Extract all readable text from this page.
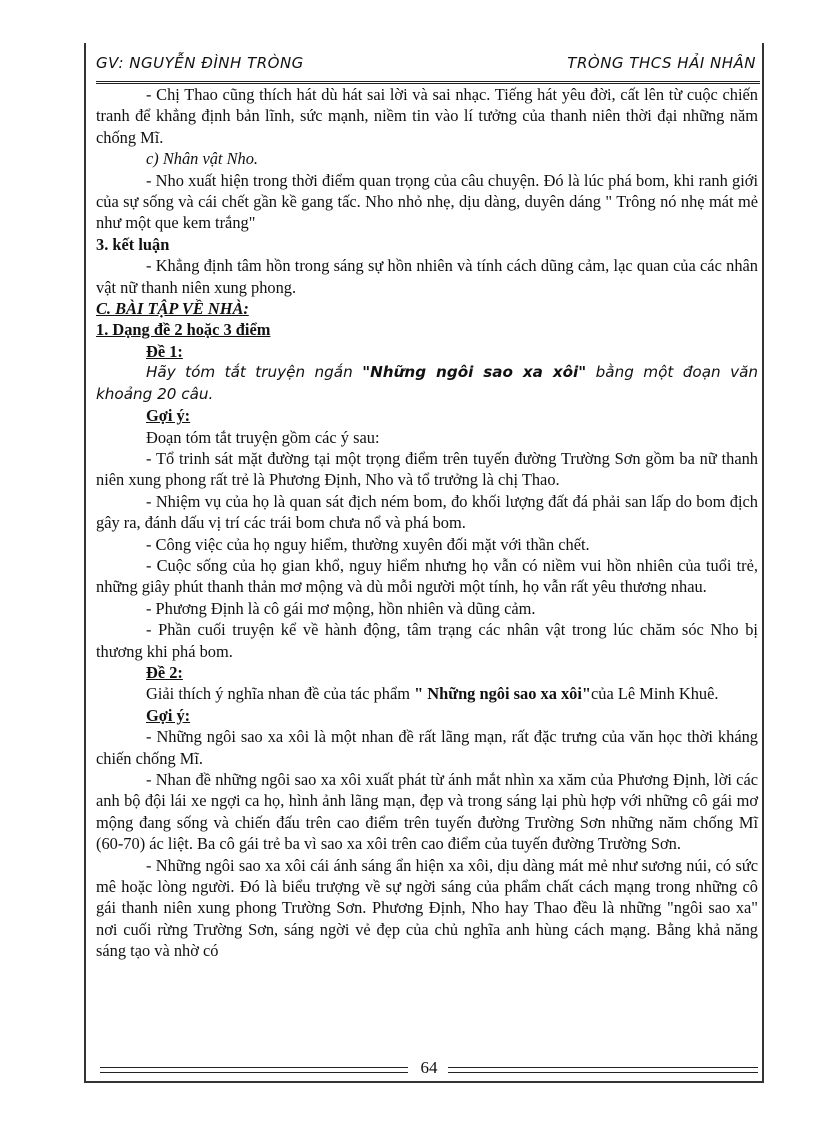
GV: NGUYỄN ĐÌNH TRÒNG	TRÒNG THCS HẢI NHÂN

- Chị Thao cũng thích hát dù hát sai lời và sai nhạc. Tiếng hát yêu đời, cất lên từ cuộc chiến tranh để khẳng định bản lĩnh, sức mạnh, niềm tin vào lí tưởng của thanh niên thời đại những năm chống Mĩ.

c) Nhân vật Nho.

- Nho xuất hiện trong thời điểm quan trọng của câu chuyện. Đó là lúc phá bom, khi ranh giới của sự sống và cái chết gần kề gang tấc. Nho nhỏ nhẹ, dịu dàng, duyên dáng " Trông nó nhẹ mát mẻ như một que kem trắng"

3. kết luận

- Khẳng định tâm hồn trong sáng sự hồn nhiên và tính cách dũng cảm, lạc quan của các nhân vật nữ thanh niên xung phong.

C. BÀI TẬP VỀ NHÀ:

1. Dạng đề 2 hoặc 3 điểm

Đề 1:

Hãy tóm tắt truyện ngắn "Những ngôi sao xa xôi" bằng một đoạn văn khoảng 20 câu.

Gợi ý:

Đoạn tóm tắt truyện gồm các ý sau:

- Tổ trinh sát mặt đường tại một trọng điểm trên tuyến đường Trường Sơn gồm ba nữ thanh niên xung phong rất trẻ là Phương Định, Nho và tổ trưởng là chị Thao.

- Nhiệm vụ của họ là quan sát địch ném bom, đo khối lượng đất đá phải san lấp do bom địch gây ra, đánh dấu vị trí các trái bom chưa nổ và phá bom.

- Công việc của họ nguy hiểm, thường xuyên đối mặt với thần chết.

- Cuộc sống của họ gian khổ, nguy hiểm nhưng họ vẫn có niềm vui hồn nhiên của tuổi trẻ, những giây phút thanh thản mơ mộng và dù mỗi người một tính, họ vẫn rất yêu thương nhau.

- Phương Định là cô gái mơ mộng, hồn nhiên và dũng cảm.

- Phần cuối truyện kể về hành động, tâm trạng các nhân vật trong lúc chăm sóc Nho bị thương khi phá bom.

Đề 2:

Giải thích ý nghĩa nhan đề của tác phẩm " Những ngôi sao xa xôi"của Lê Minh Khuê.

Gợi ý:

- Những ngôi sao xa xôi là một nhan đề rất lãng mạn, rất đặc trưng của văn học thời kháng chiến chống Mĩ.

- Nhan đề những ngôi sao xa xôi xuất phát từ ánh mắt nhìn xa xăm của Phương Định, lời các anh bộ đội lái xe ngợi ca họ, hình ảnh lãng mạn, đẹp và trong sáng lại phù hợp với những cô gái mơ mộng đang sống và chiến đấu trên cao điểm trên tuyến đường Trường Sơn những năm chống Mĩ (60-70) ác liệt. Ba cô gái trẻ ba vì sao xa xôi trên cao điểm của tuyến đường Trường Sơn.

- Những ngôi sao xa xôi cái ánh sáng ẩn hiện xa xôi, dịu dàng mát mẻ như sương núi, có sức mê hoặc lòng người. Đó là biểu trượng về sự ngời sáng của phẩm chất cách mạng trong những cô gái thanh niên xung phong Trường Sơn. Phương Định, Nho hay Thao đều là những "ngôi sao xa" nơi cuối rừng Trường Sơn, sáng ngời vẻ đẹp của chủ nghĩa anh hùng cách mạng. Bằng khả năng sáng tạo và nhờ có

64
